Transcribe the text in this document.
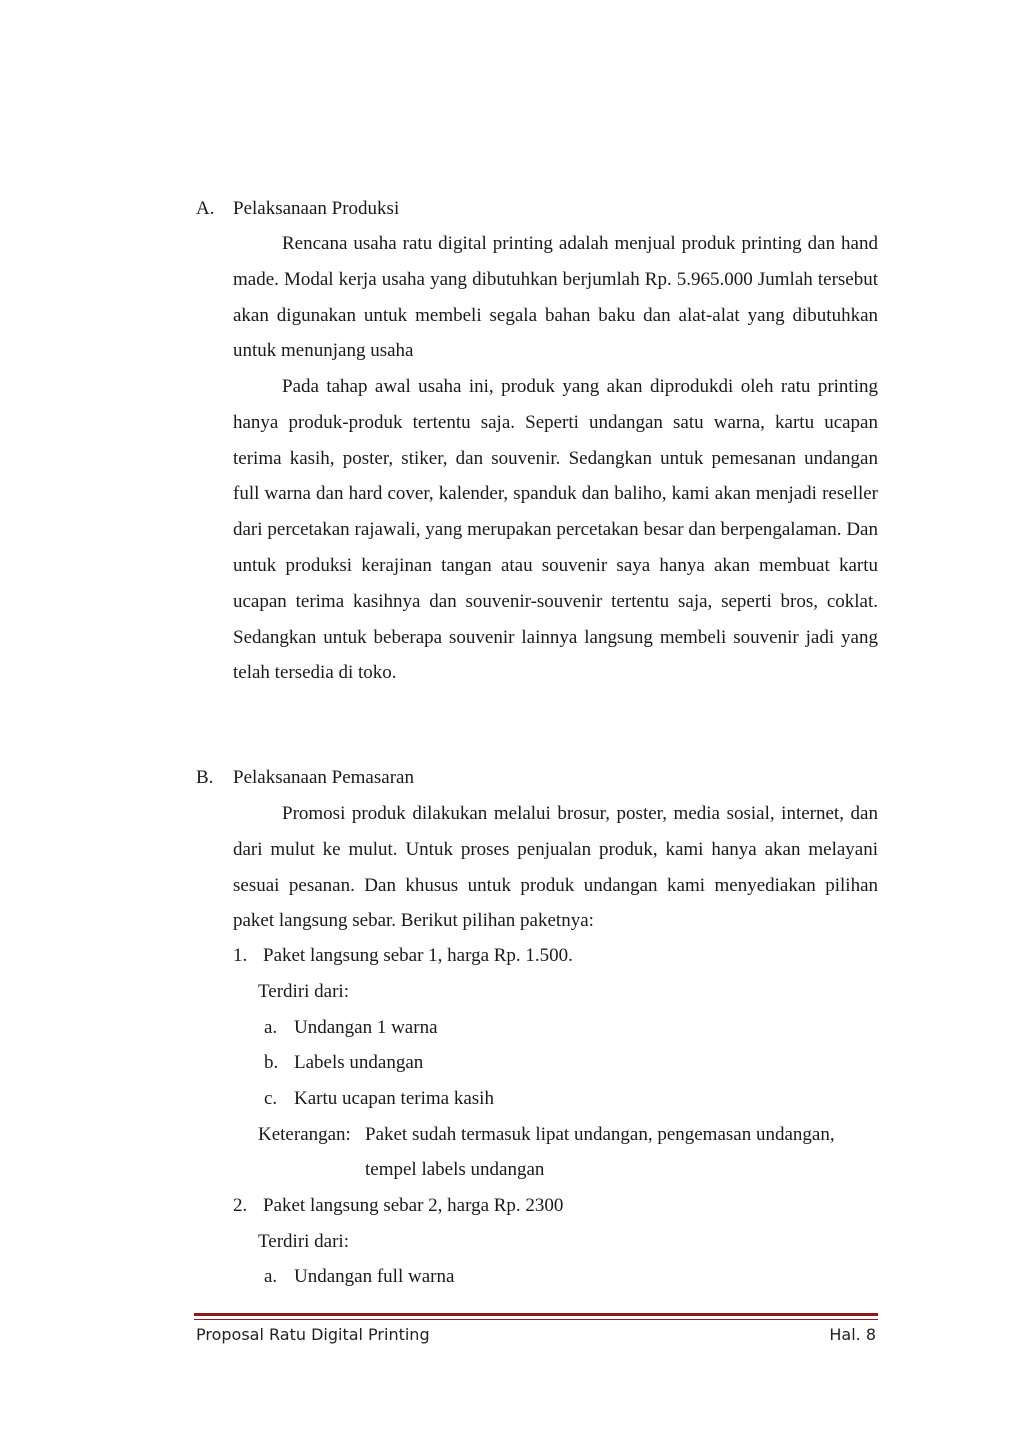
A. Pelaksanaan Produksi

Rencana usaha ratu digital printing adalah menjual produk printing dan hand made. Modal kerja usaha yang dibutuhkan berjumlah Rp. 5.965.000 Jumlah tersebut akan digunakan untuk membeli segala bahan baku dan alat-alat yang dibutuhkan untuk menunjang usaha

Pada tahap awal usaha ini, produk yang akan diprodukdi oleh ratu printing hanya produk-produk tertentu saja. Seperti undangan satu warna, kartu ucapan terima kasih, poster, stiker, dan souvenir. Sedangkan untuk pemesanan undangan full warna dan hard cover, kalender, spanduk dan baliho, kami akan menjadi reseller dari percetakan rajawali, yang merupakan percetakan besar dan berpengalaman. Dan untuk produksi kerajinan tangan atau souvenir saya hanya akan membuat kartu ucapan terima kasihnya dan souvenir-souvenir tertentu saja, seperti bros, coklat. Sedangkan untuk beberapa souvenir lainnya langsung membeli souvenir jadi yang telah tersedia di toko.

B. Pelaksanaan Pemasaran

Promosi produk dilakukan melalui brosur, poster, media sosial, internet, dan dari mulut ke mulut. Untuk proses penjualan produk, kami hanya akan melayani sesuai pesanan. Dan khusus untuk produk undangan kami menyediakan pilihan paket langsung sebar. Berikut pilihan paketnya:

1. Paket langsung sebar 1, harga Rp. 1.500.
Terdiri dari:
a. Undangan 1 warna
b. Labels undangan
c. Kartu ucapan terima kasih
Keterangan: Paket sudah termasuk lipat undangan, pengemasan undangan,
tempel labels undangan
2. Paket langsung sebar 2, harga Rp. 2300
Terdiri dari:
a. Undangan full warna
Proposal Ratu Digital Printing	Hal. 8
